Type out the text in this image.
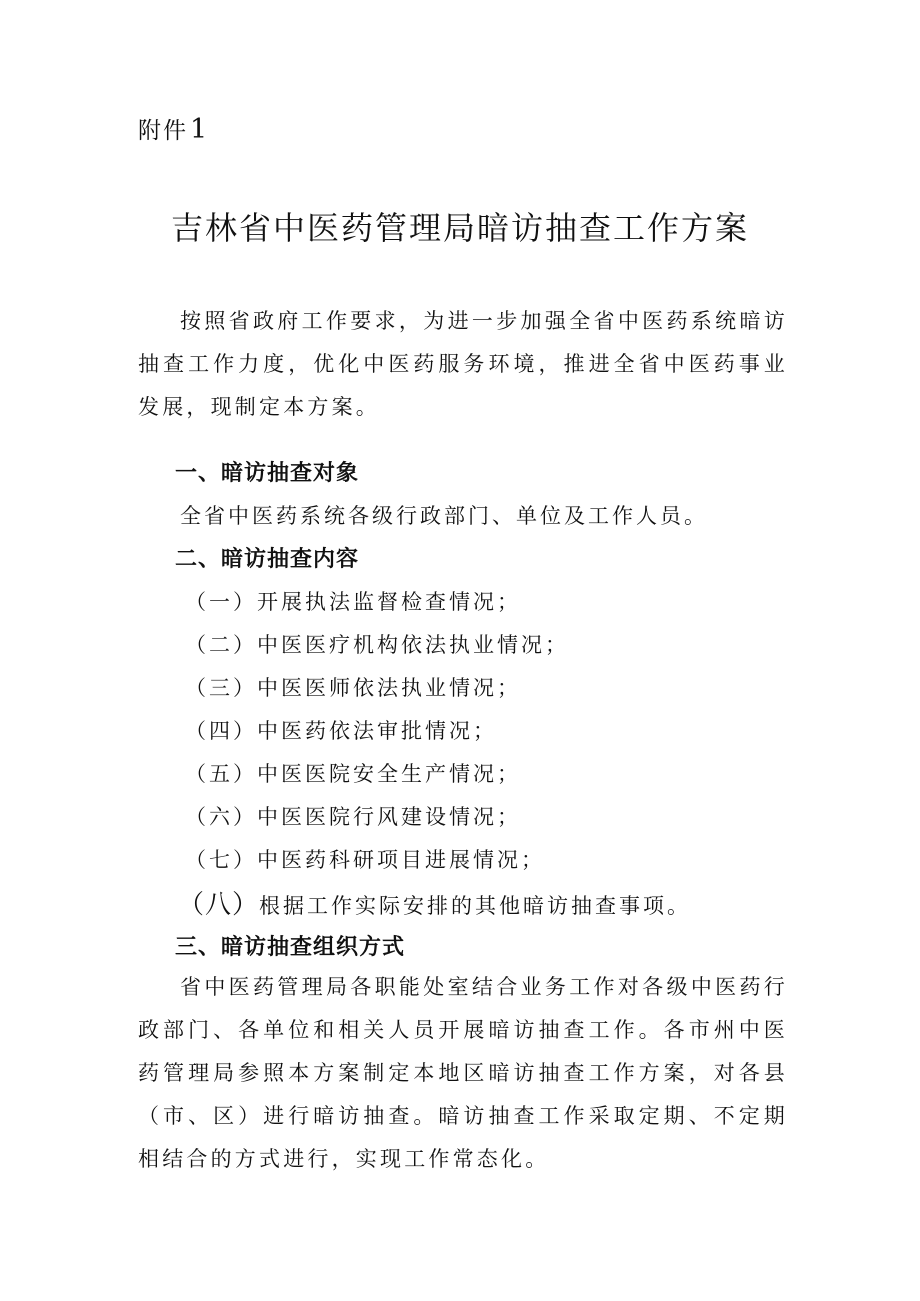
附件1
吉林省中医药管理局暗访抽查工作方案
按照省政府工作要求，为进一步加强全省中医药系统暗访抽查工作力度，优化中医药服务环境，推进全省中医药事业发展，现制定本方案。
一、暗访抽查对象
全省中医药系统各级行政部门、单位及工作人员。
二、暗访抽查内容
（一）开展执法监督检查情况；
（二）中医医疗机构依法执业情况；
（三）中医医师依法执业情况；
（四）中医药依法审批情况；
（五）中医医院安全生产情况；
（六）中医医院行风建设情况；
（七）中医药科研项目进展情况；
（八）根据工作实际安排的其他暗访抽查事项。
三、暗访抽查组织方式
省中医药管理局各职能处室结合业务工作对各级中医药行政部门、各单位和相关人员开展暗访抽查工作。各市州中医药管理局参照本方案制定本地区暗访抽查工作方案，对各县（市、区）进行暗访抽查。暗访抽查工作采取定期、不定期相结合的方式进行，实现工作常态化。
